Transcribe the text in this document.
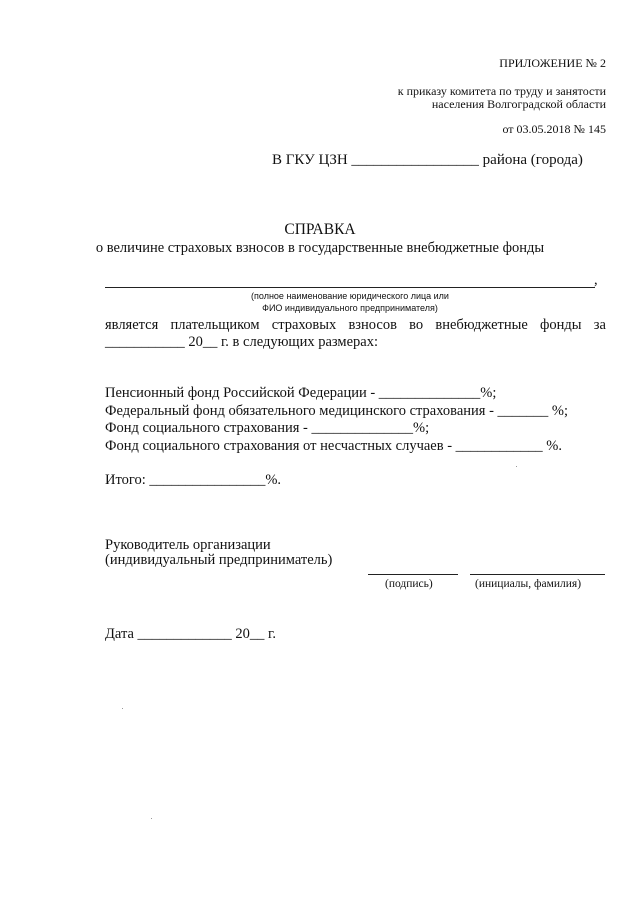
ПРИЛОЖЕНИЕ № 2
к приказу комитета по труду и занятости
населения Волгоградской области
от 03.05.2018 № 145
В ГКУ ЦЗН _________________ района (города)
СПРАВКА
о величине страховых взносов в государственные внебюджетные фонды
,
(полное наименование юридического лица или
ФИО индивидуального предпринимателя)
является плательщиком страховых взносов во внебюджетные фонды за
___________ 20__ г. в следующих размерах:
Пенсионный фонд Российской Федерации - ______________%;
Федеральный фонд обязательного медицинского страхования - _______ %;
Фонд социального страхования - ______________%;
Фонд социального страхования от несчастных случаев - ____________ %.
Итого: ________________%.
Руководитель организации
(индивидуальный предприниматель)
(подпись)	(инициалы, фамилия)
Дата _____________ 20__ г.
